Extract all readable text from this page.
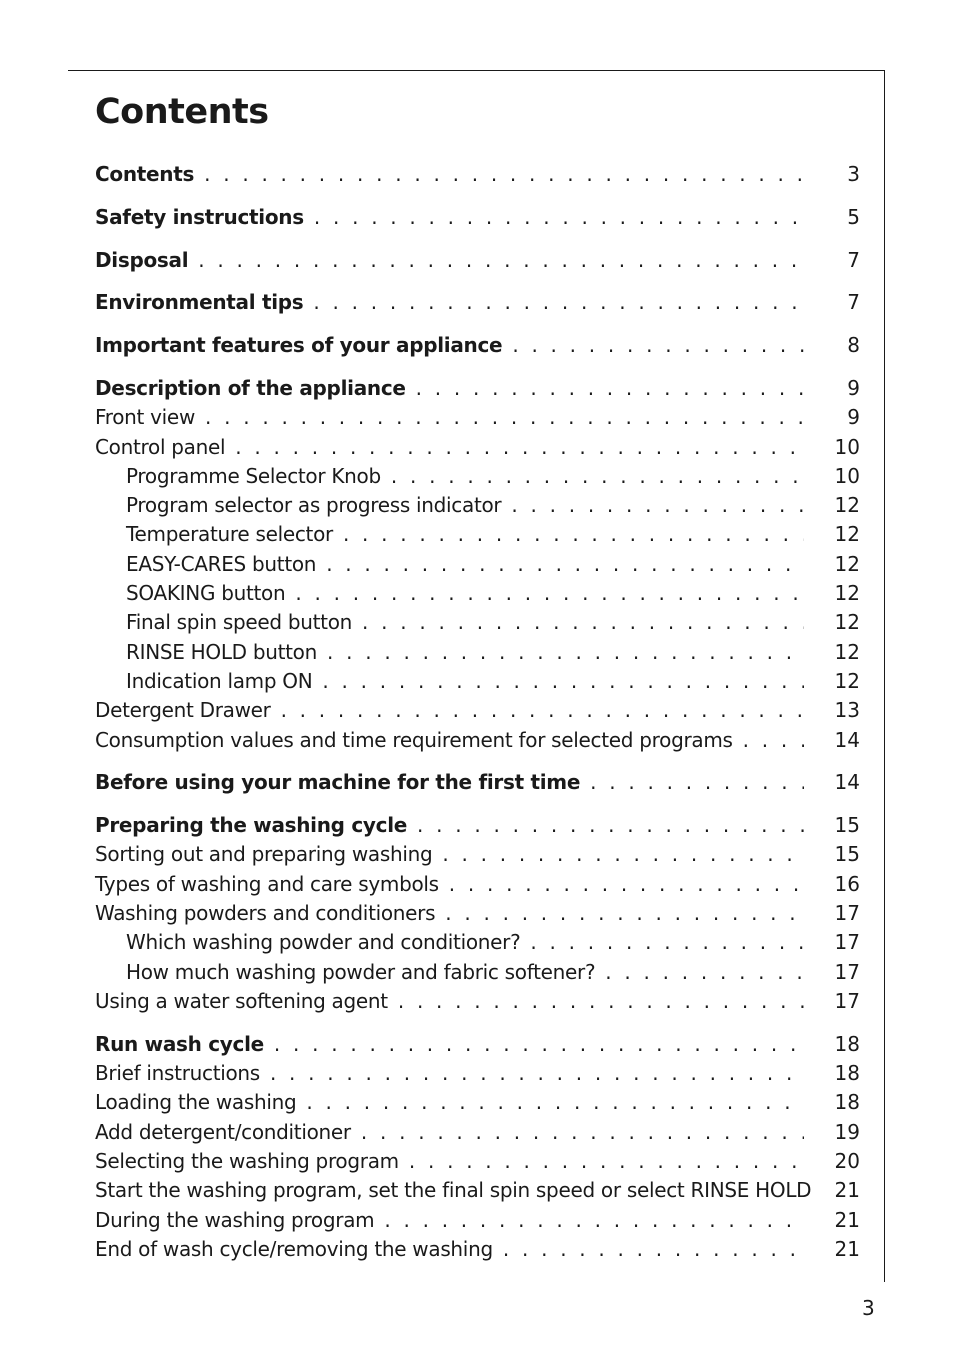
Contents
Contents . . .	3
Safety instructions . . .	5
Disposal . . .	7
Environmental tips . . .	7
Important features of your appliance . . .	8
Description of the appliance . . .	9
Front view . . .	9
Control panel . . .	10
Programme Selector Knob . . .	10
Program selector as progress indicator . . .	12
Temperature selector . . .	12
EASY-CARES button . . .	12
SOAKING button . . .	12
Final spin speed button . . .	12
RINSE HOLD button . . .	12
Indication lamp ON . . .	12
Detergent Drawer . . .	13
Consumption values and time requirement for selected programs . . .	14
Before using your machine for the first time . . .	14
Preparing the washing cycle . . .	15
Sorting out and preparing washing . . .	15
Types of washing and care symbols . . .	16
Washing powders and conditioners . . .	17
Which washing powder and conditioner? . . .	17
How much washing powder and fabric softener? . . .	17
Using a water softening agent . . .	17
Run wash cycle . . .	18
Brief instructions . . .	18
Loading the washing . . .	18
Add detergent/conditioner . . .	19
Selecting the washing program . . .	20
Start the washing program, set the final spin speed or select RINSE HOLD 21
During the washing program . . .	21
End of wash cycle/removing the washing . . .	21
3
